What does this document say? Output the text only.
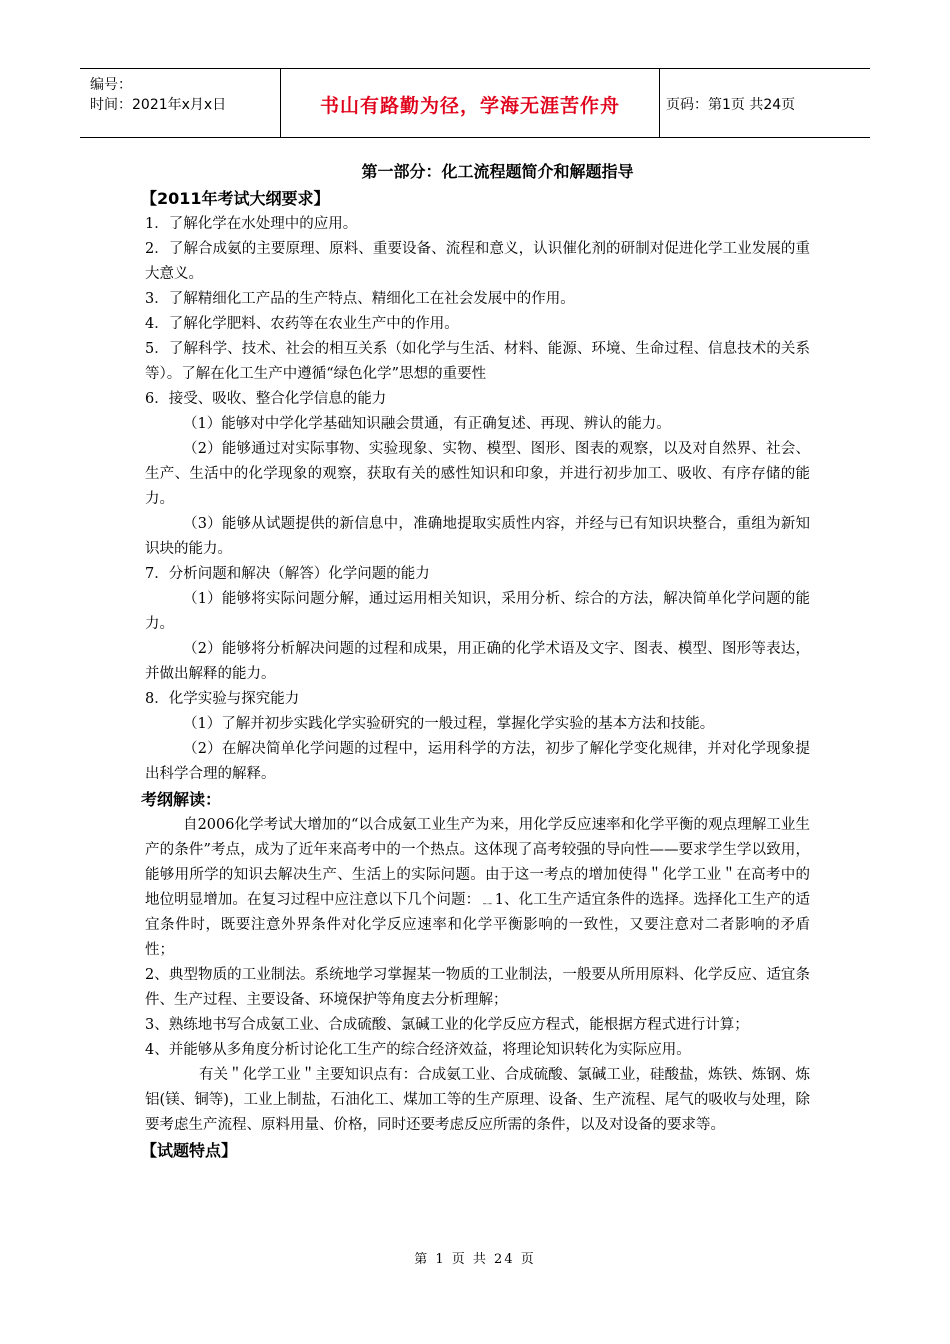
编号：
时间：2021年x月x日	书山有路勤为径，学海无涯苦作舟	页码：第1页 共24页
第一部分：化工流程题简介和解题指导
【2011年考试大纲要求】

1．了解化学在水处理中的应用。

2．了解合成氨的主要原理、原料、重要设备、流程和意义，认识催化剂的研制对促进化学工业发展的重大意义。

3．了解精细化工产品的生产特点、精细化工在社会发展中的作用。

4．了解化学肥料、农药等在农业生产中的作用。

5．了解科学、技术、社会的相互关系（如化学与生活、材料、能源、环境、生命过程、信息技术的关系等）。了解在化工生产中遵循“绿色化学”思想的重要性

6．接受、吸收、整合化学信息的能力

（1）能够对中学化学基础知识融会贯通，有正确复述、再现、辨认的能力。

（2）能够通过对实际事物、实验现象、实物、模型、图形、图表的观察，以及对自然界、社会、生产、生活中的化学现象的观察，获取有关的感性知识和印象，并进行初步加工、吸收、有序存储的能力。

（3）能够从试题提供的新信息中，准确地提取实质性内容，并经与已有知识块整合，重组为新知识块的能力。

7．分析问题和解决（解答）化学问题的能力

（1）能够将实际问题分解，通过运用相关知识，采用分析、综合的方法，解决简单化学问题的能力。

（2）能够将分析解决问题的过程和成果，用正确的化学术语及文字、图表、模型、图形等表达，并做出解释的能力。

8．化学实验与探究能力

（1）了解并初步实践化学实验研究的一般过程，掌握化学实验的基本方法和技能。

（2）在解决简单化学问题的过程中，运用科学的方法，初步了解化学变化规律，并对化学现象提出科学合理的解释。

考纲解读：

自2006化学考试大增加的“以合成氨工业生产为来，用化学反应速率和化学平衡的观点理解工业生产的条件”考点，成为了近年来高考中的一个热点。这体现了高考较强的导向性——要求学生学以致用，能够用所学的知识去解决生产、生活上的实际问题。由于这一考点的增加使得＂化学工业＂在高考中的地位明显增加。在复习过程中应注意以下几个问题：﹎1、化工生产适宜条件的选择。选择化工生产的适宜条件时，既要注意外界条件对化学反应速率和化学平衡影响的一致性，又要注意对二者影响的矛盾性；

2、典型物质的工业制法。系统地学习掌握某一物质的工业制法，一般要从所用原料、化学反应、适宜条件、生产过程、主要设备、环境保护等角度去分析理解；

3、熟练地书写合成氨工业、合成硫酸、氯碱工业的化学反应方程式，能根据方程式进行计算；

4、并能够从多角度分析讨论化工生产的综合经济效益，将理论知识转化为实际应用。

有关＂化学工业＂主要知识点有：合成氨工业、合成硫酸、氯碱工业，硅酸盐，炼铁、炼钢、炼铝(镁、铜等)，工业上制盐，石油化工、煤加工等的生产原理、设备、生产流程、尾气的吸收与处理，除要考虑生产流程、原料用量、价格，同时还要考虑反应所需的条件，以及对设备的要求等。

【试题特点】
第 1 页 共 24 页
